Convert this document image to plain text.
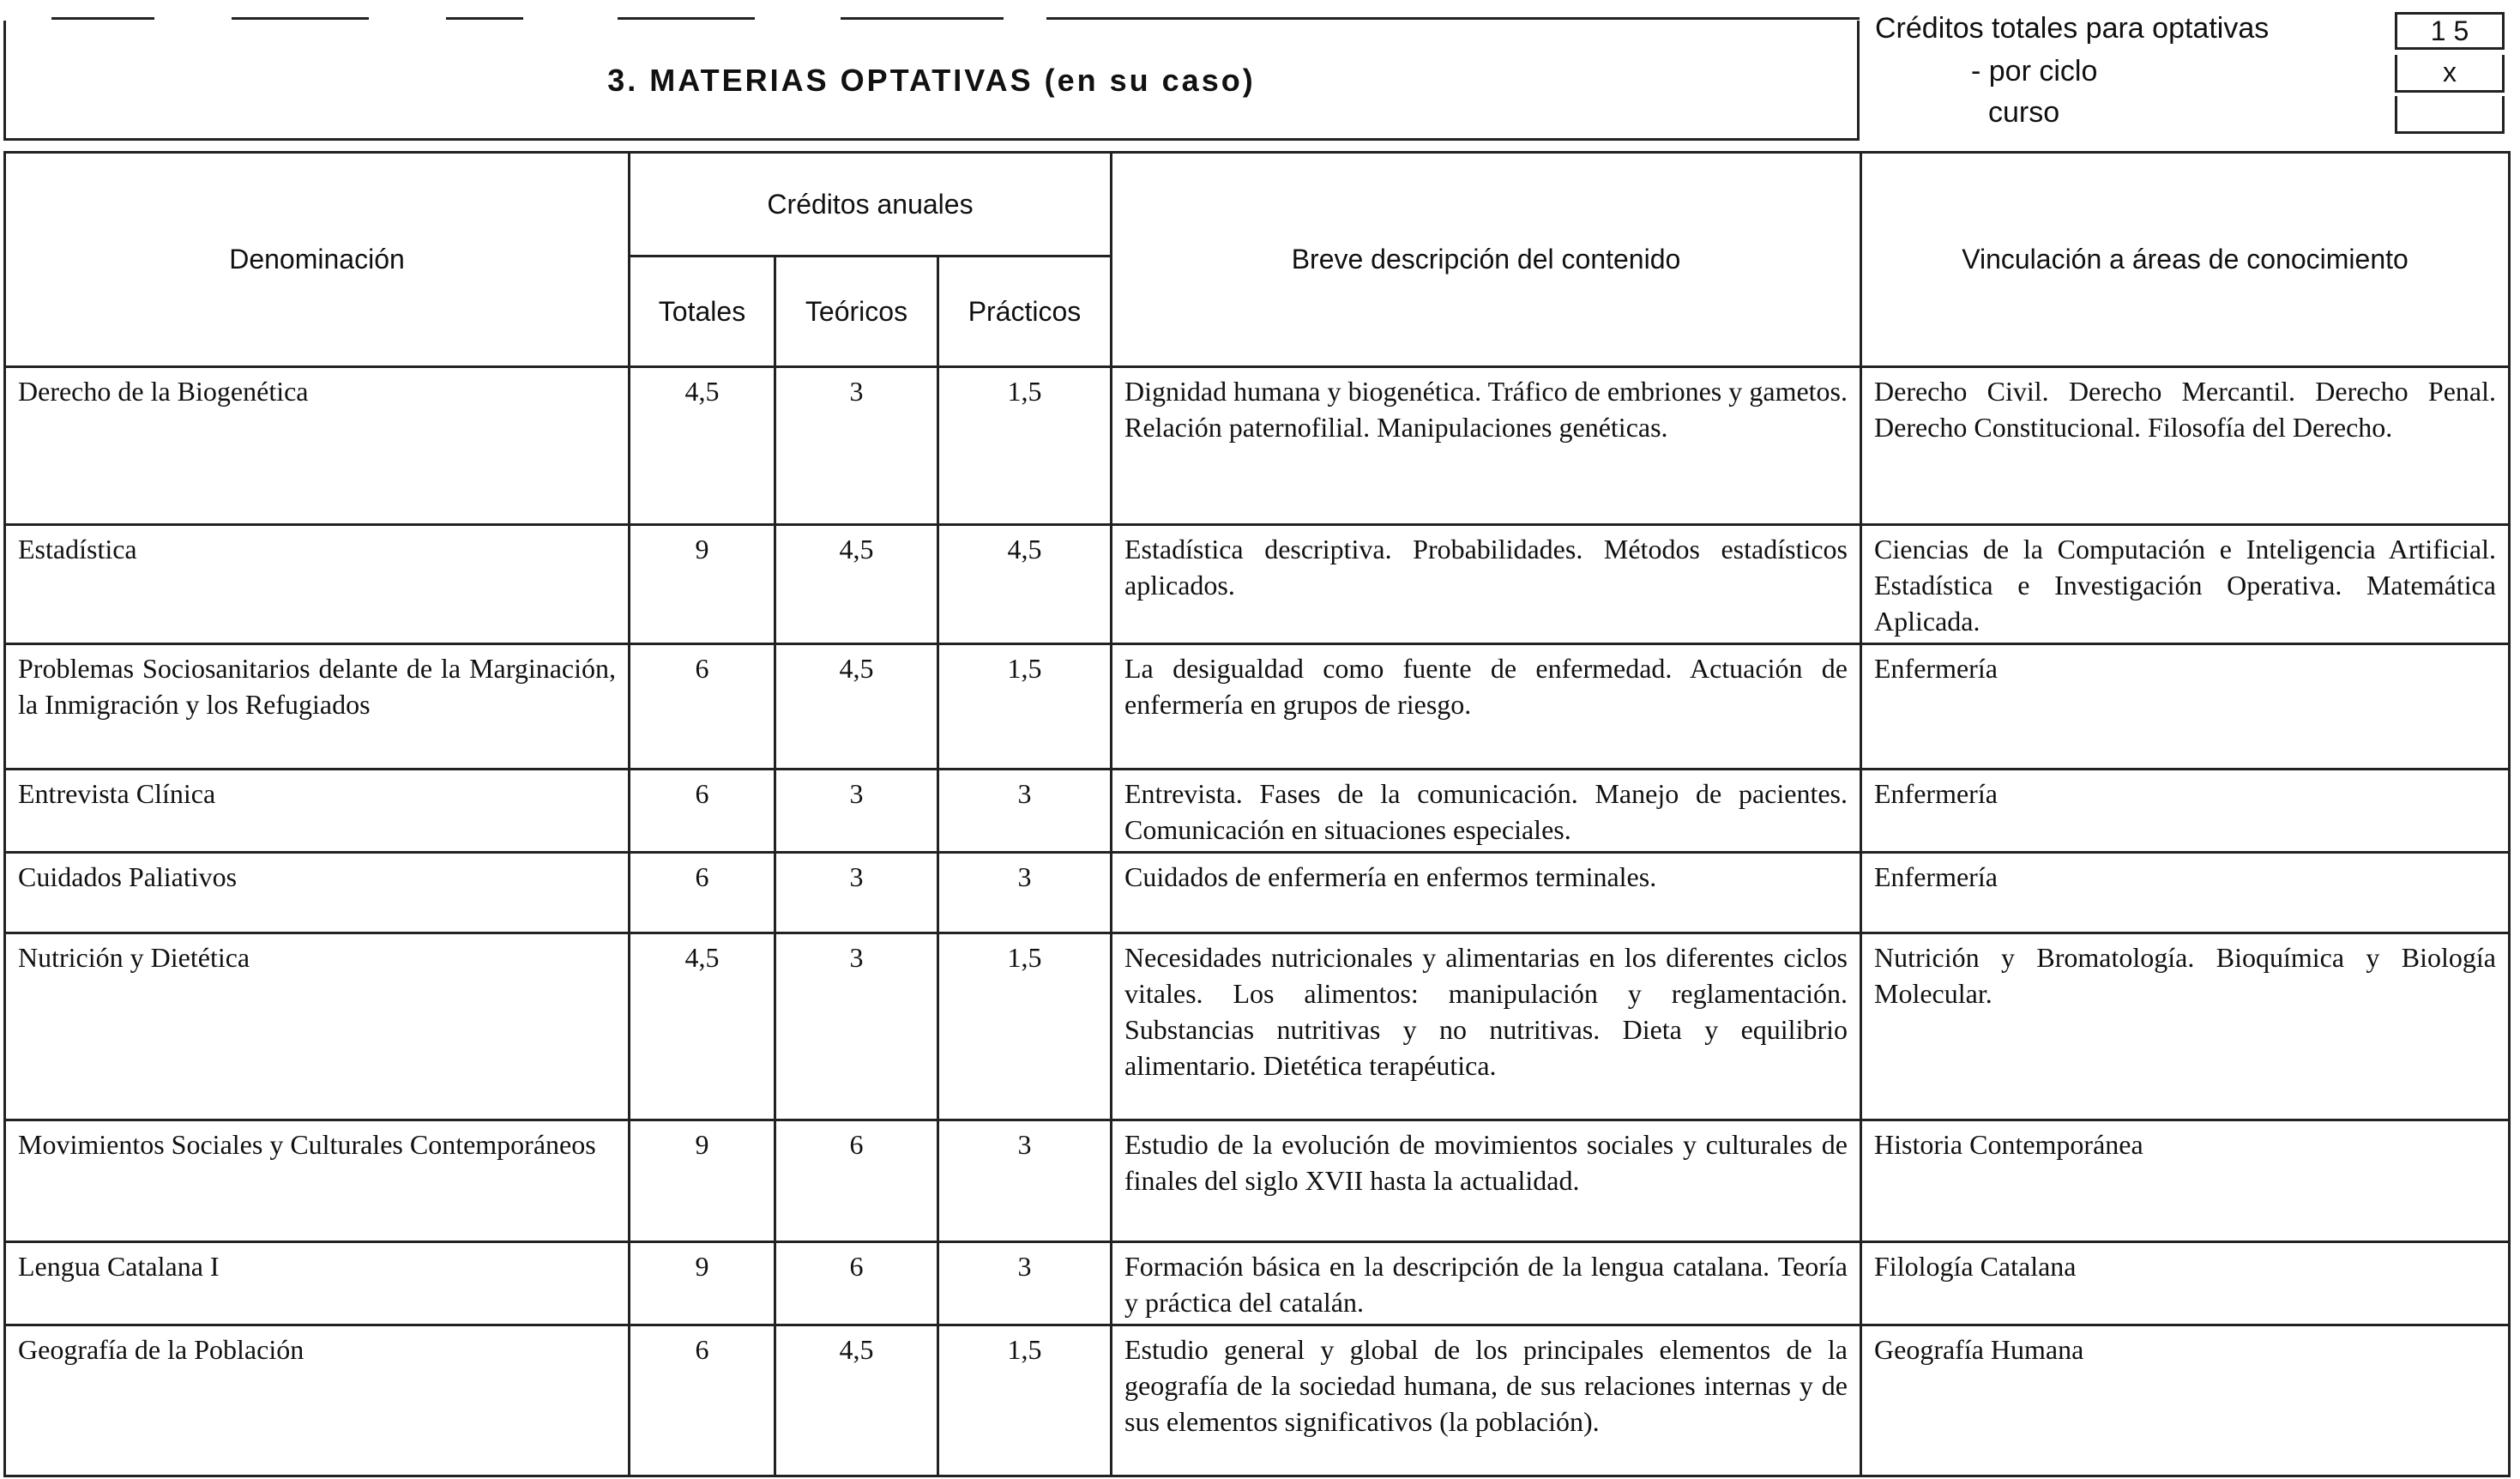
3. MATERIAS OPTATIVAS (en su caso)
Créditos totales para optativas	1 5
- por ciclo	x
curso
Denominación	Créditos anuales			Breve descripción del contenido	Vinculación a áreas de conocimiento
	Totales	Teóricos	Prácticos		

Derecho de la Biogenética	4,5	3	1,5	Dignidad humana y biogenética. Tráfico de embriones y gametos. Relación paternofilial. Manipulaciones genéticas.	Derecho Civil. Derecho Mercantil. Derecho Penal. Derecho Constitucional. Filosofía del Derecho.

Estadística	9	4,5	4,5	Estadística descriptiva. Probabilidades. Métodos estadísticos aplicados.	Ciencias de la Computación e Inteligencia Artificial. Estadística e Investigación Operativa. Matemática Aplicada.

Problemas Sociosanitarios delante de la Marginación, la Inmigración y los Refugiados	6	4,5	1,5	La desigualdad como fuente de enfermedad. Actuación de enfermería en grupos de riesgo.	Enfermería

Entrevista Clínica	6	3	3	Entrevista. Fases de la comunicación. Manejo de pacientes. Comunicación en situaciones especiales.	Enfermería

Cuidados Paliativos	6	3	3	Cuidados de enfermería en enfermos terminales.	Enfermería

Nutrición y Dietética	4,5	3	1,5	Necesidades nutricionales y alimentarias en los diferentes ciclos vitales. Los alimentos: manipulación y reglamentación. Substancias nutritivas y no nutritivas. Dieta y equilibrio alimentario. Dietética terapéutica.	Nutrición y Bromatología. Bioquímica y Biología Molecular.

Movimientos Sociales y Culturales Contemporáneos	9	6	3	Estudio de la evolución de movimientos sociales y culturales de finales del siglo XVII hasta la actualidad.	Historia Contemporánea

Lengua Catalana I	9	6	3	Formación básica en la descripción de la lengua catalana. Teoría y práctica del catalán.	Filología Catalana

Geografía de la Población	6	4,5	1,5	Estudio general y global de los principales elementos de la geografía de la sociedad humana, de sus relaciones internas y de sus elementos significativos (la población).	Geografía Humana
